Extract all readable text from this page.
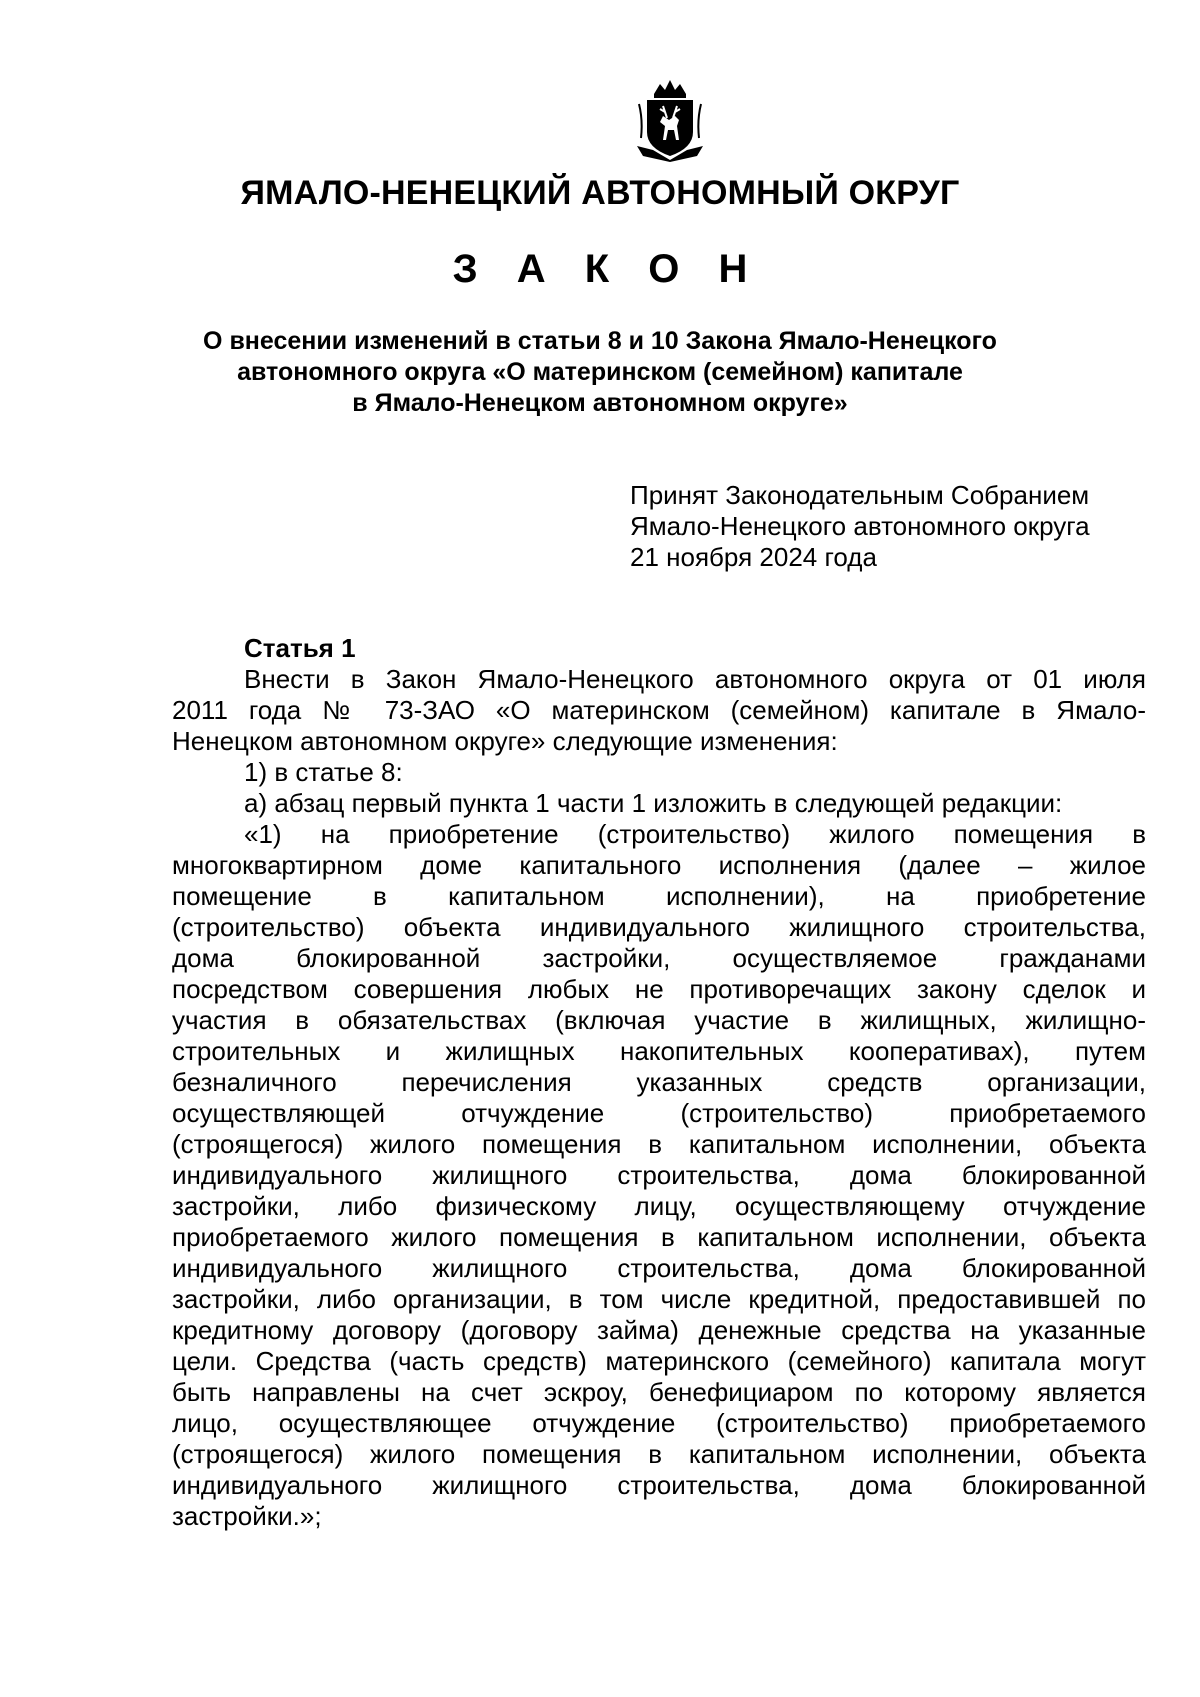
ЯМАЛО-НЕНЕЦКИЙ АВТОНОМНЫЙ ОКРУГ
З А К О Н
О внесении изменений в статьи 8 и 10 Закона Ямало-Ненецкого
автономного округа «О материнском (семейном) капитале
в Ямало-Ненецком автономном округе»
Принят Законодательным Собранием
Ямало-Ненецкого автономного округа
21 ноября 2024 года
Статья 1
Внести в Закон Ямало-Ненецкого автономного округа от 01 июля
2011 года № 73-ЗАО «О материнском (семейном) капитале в Ямало-
Ненецком автономном округе» следующие изменения:
1) в статье 8:
а) абзац первый пункта 1 части 1 изложить в следующей редакции:
«1) на приобретение (строительство) жилого помещения в
многоквартирном доме капитального исполнения (далее – жилое
помещение в капитальном исполнении), на приобретение
(строительство) объекта индивидуального жилищного строительства,
дома блокированной застройки, осуществляемое гражданами
посредством совершения любых не противоречащих закону сделок и
участия в обязательствах (включая участие в жилищных, жилищно-
строительных и жилищных накопительных кооперативах), путем
безналичного перечисления указанных средств организации,
осуществляющей отчуждение (строительство) приобретаемого
(строящегося) жилого помещения в капитальном исполнении, объекта
индивидуального жилищного строительства, дома блокированной
застройки, либо физическому лицу, осуществляющему отчуждение
приобретаемого жилого помещения в капитальном исполнении, объекта
индивидуального жилищного строительства, дома блокированной
застройки, либо организации, в том числе кредитной, предоставившей по
кредитному договору (договору займа) денежные средства на указанные
цели. Средства (часть средств) материнского (семейного) капитала могут
быть направлены на счет эскроу, бенефициаром по которому является
лицо, осуществляющее отчуждение (строительство) приобретаемого
(строящегося) жилого помещения в капитальном исполнении, объекта
индивидуального жилищного строительства, дома блокированной
застройки.»;
